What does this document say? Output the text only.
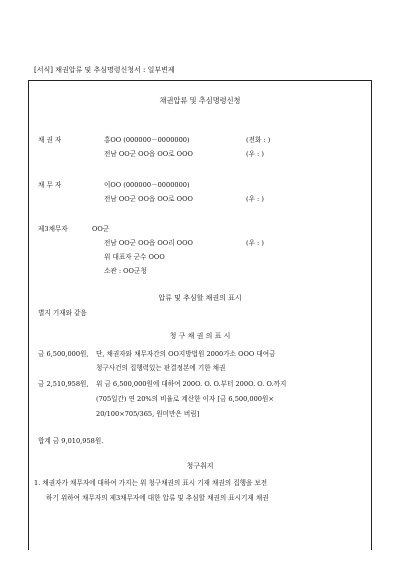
[서식] 채권압류 및 추심명령신청서 : 일부변제
채권압류 및 추심명령신청
채 권 자	홍OO (000000－0000000)	(전화 : )
전남 OO군 OO읍 OO로 OOO	(우 : )
채 무 자	이OO (000000－0000000)
전남 OO군 OO읍 OO로 OOO	(우 : )
제3채무자	OO군
전남 OO군 OO읍 OO리 OOO	(우 : )
위 대표자 군수 OOO
소관 : OO군청
압류 및 추심할 채권의 표시
별지 기재와 같음
청 구 채 권 의 표 시
금 6,500,000원, 단, 채권자와 채무자간의 OO지방법원 2000가소 OOO 대여금
청구사건의 집행력있는 판결정본에 기한 채권
금 2,510,958원, 위 금 6,500,000원에 대하여 200O. O. O.부터 200O. O. O.까지
(705일간) 연 20%의 비율로 계산한 이자 [금 6,500,000원×
20/100×705/365, 원미만은 버림]
합계 금 9,010,958원.
청구취지
1. 채권자가 채무자에 대하여 가지는 위 청구채권의 표시 기재 채권의 집행을 보전
하기 위하여 채무자의 제3채무자에 대한 압류 및 추심할 채권의 표시기재 채권
